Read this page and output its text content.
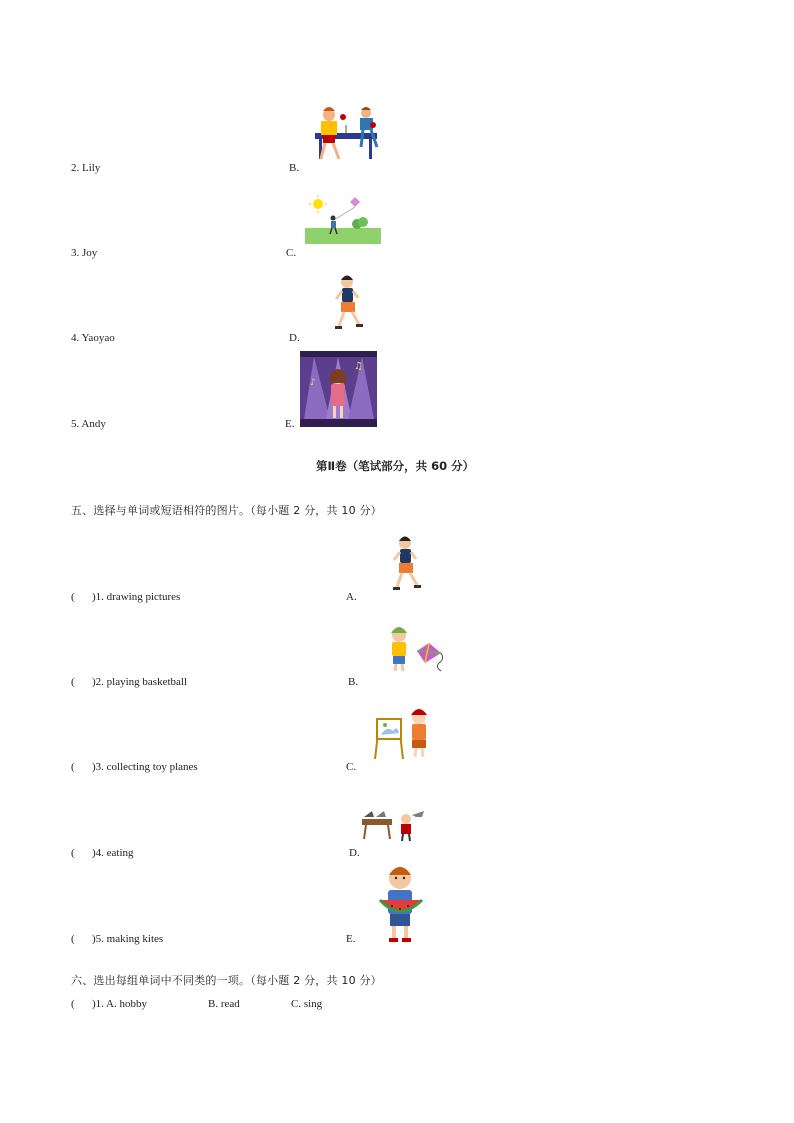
2. Lily	B.
3. Joy	C.
4. Yaoyao	D.
♫
♪
5. Andy	E.
第Ⅱ卷（笔试部分，共 60 分）
五、选择与单词或短语相符的图片。（每小题 2 分，共 10 分）
( )1. drawing pictures	A.
( )2. playing basketball	B.
( )3. collecting toy planes	C.
( )4. eating	D.
( )5. making kites	E.
六、选出每组单词中不同类的一项。（每小题 2 分，共 10 分）
( )1. A. hobby	B. read	C. sing
